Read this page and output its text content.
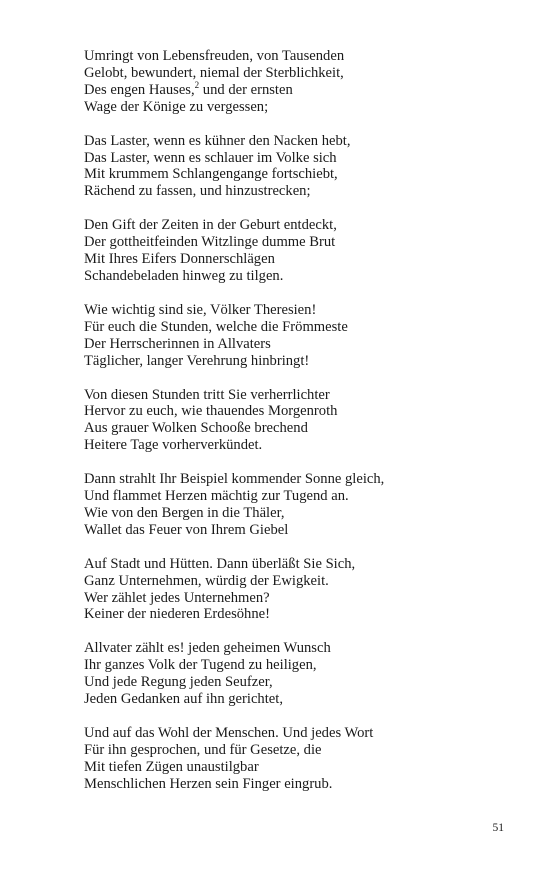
Umringt von Lebensfreuden, von Tausenden
Gelobt, bewundert, niemal der Sterblichkeit,
Des engen Hauses,$^2$ und der ernsten
Wage der Könige zu vergessen;
Das Laster, wenn es kühner den Nacken hebt,
Das Laster, wenn es schlauer im Volke sich
Mit krummem Schlangengange fortschiebt,
Rächend zu fassen, und hinzustrecken;
Den Gift der Zeiten in der Geburt entdeckt,
Der gottheitfeinden Witzlinge dumme Brut
Mit Ihres Eifers Donnerschlägen
Schandebeladen hinweg zu tilgen.
Wie wichtig sind sie, Völker Theresien!
Für euch die Stunden, welche die Frömmeste
Der Herrscherinnen in Allvaters
Täglicher, langer Verehrung hinbringt!
Von diesen Stunden tritt Sie verherrlichter
Hervor zu euch, wie thauendes Morgenroth
Aus grauer Wolken Schooße brechend
Heitere Tage vorherverkündet.
Dann strahlt Ihr Beispiel kommender Sonne gleich,
Und flammet Herzen mächtig zur Tugend an.
Wie von den Bergen in die Thäler,
Wallet das Feuer von Ihrem Giebel
Auf Stadt und Hütten. Dann überläßt Sie Sich,
Ganz Unternehmen, würdig der Ewigkeit.
Wer zählet jedes Unternehmen?
Keiner der niederen Erdesöhne!
Allvater zählt es! jeden geheimen Wunsch
Ihr ganzes Volk der Tugend zu heiligen,
Und jede Regung jeden Seufzer,
Jeden Gedanken auf ihn gerichtet,
Und auf das Wohl der Menschen. Und jedes Wort
Für ihn gesprochen, und für Gesetze, die
Mit tiefen Zügen unaustilgbar
Menschlichen Herzen sein Finger eingrub.
51
